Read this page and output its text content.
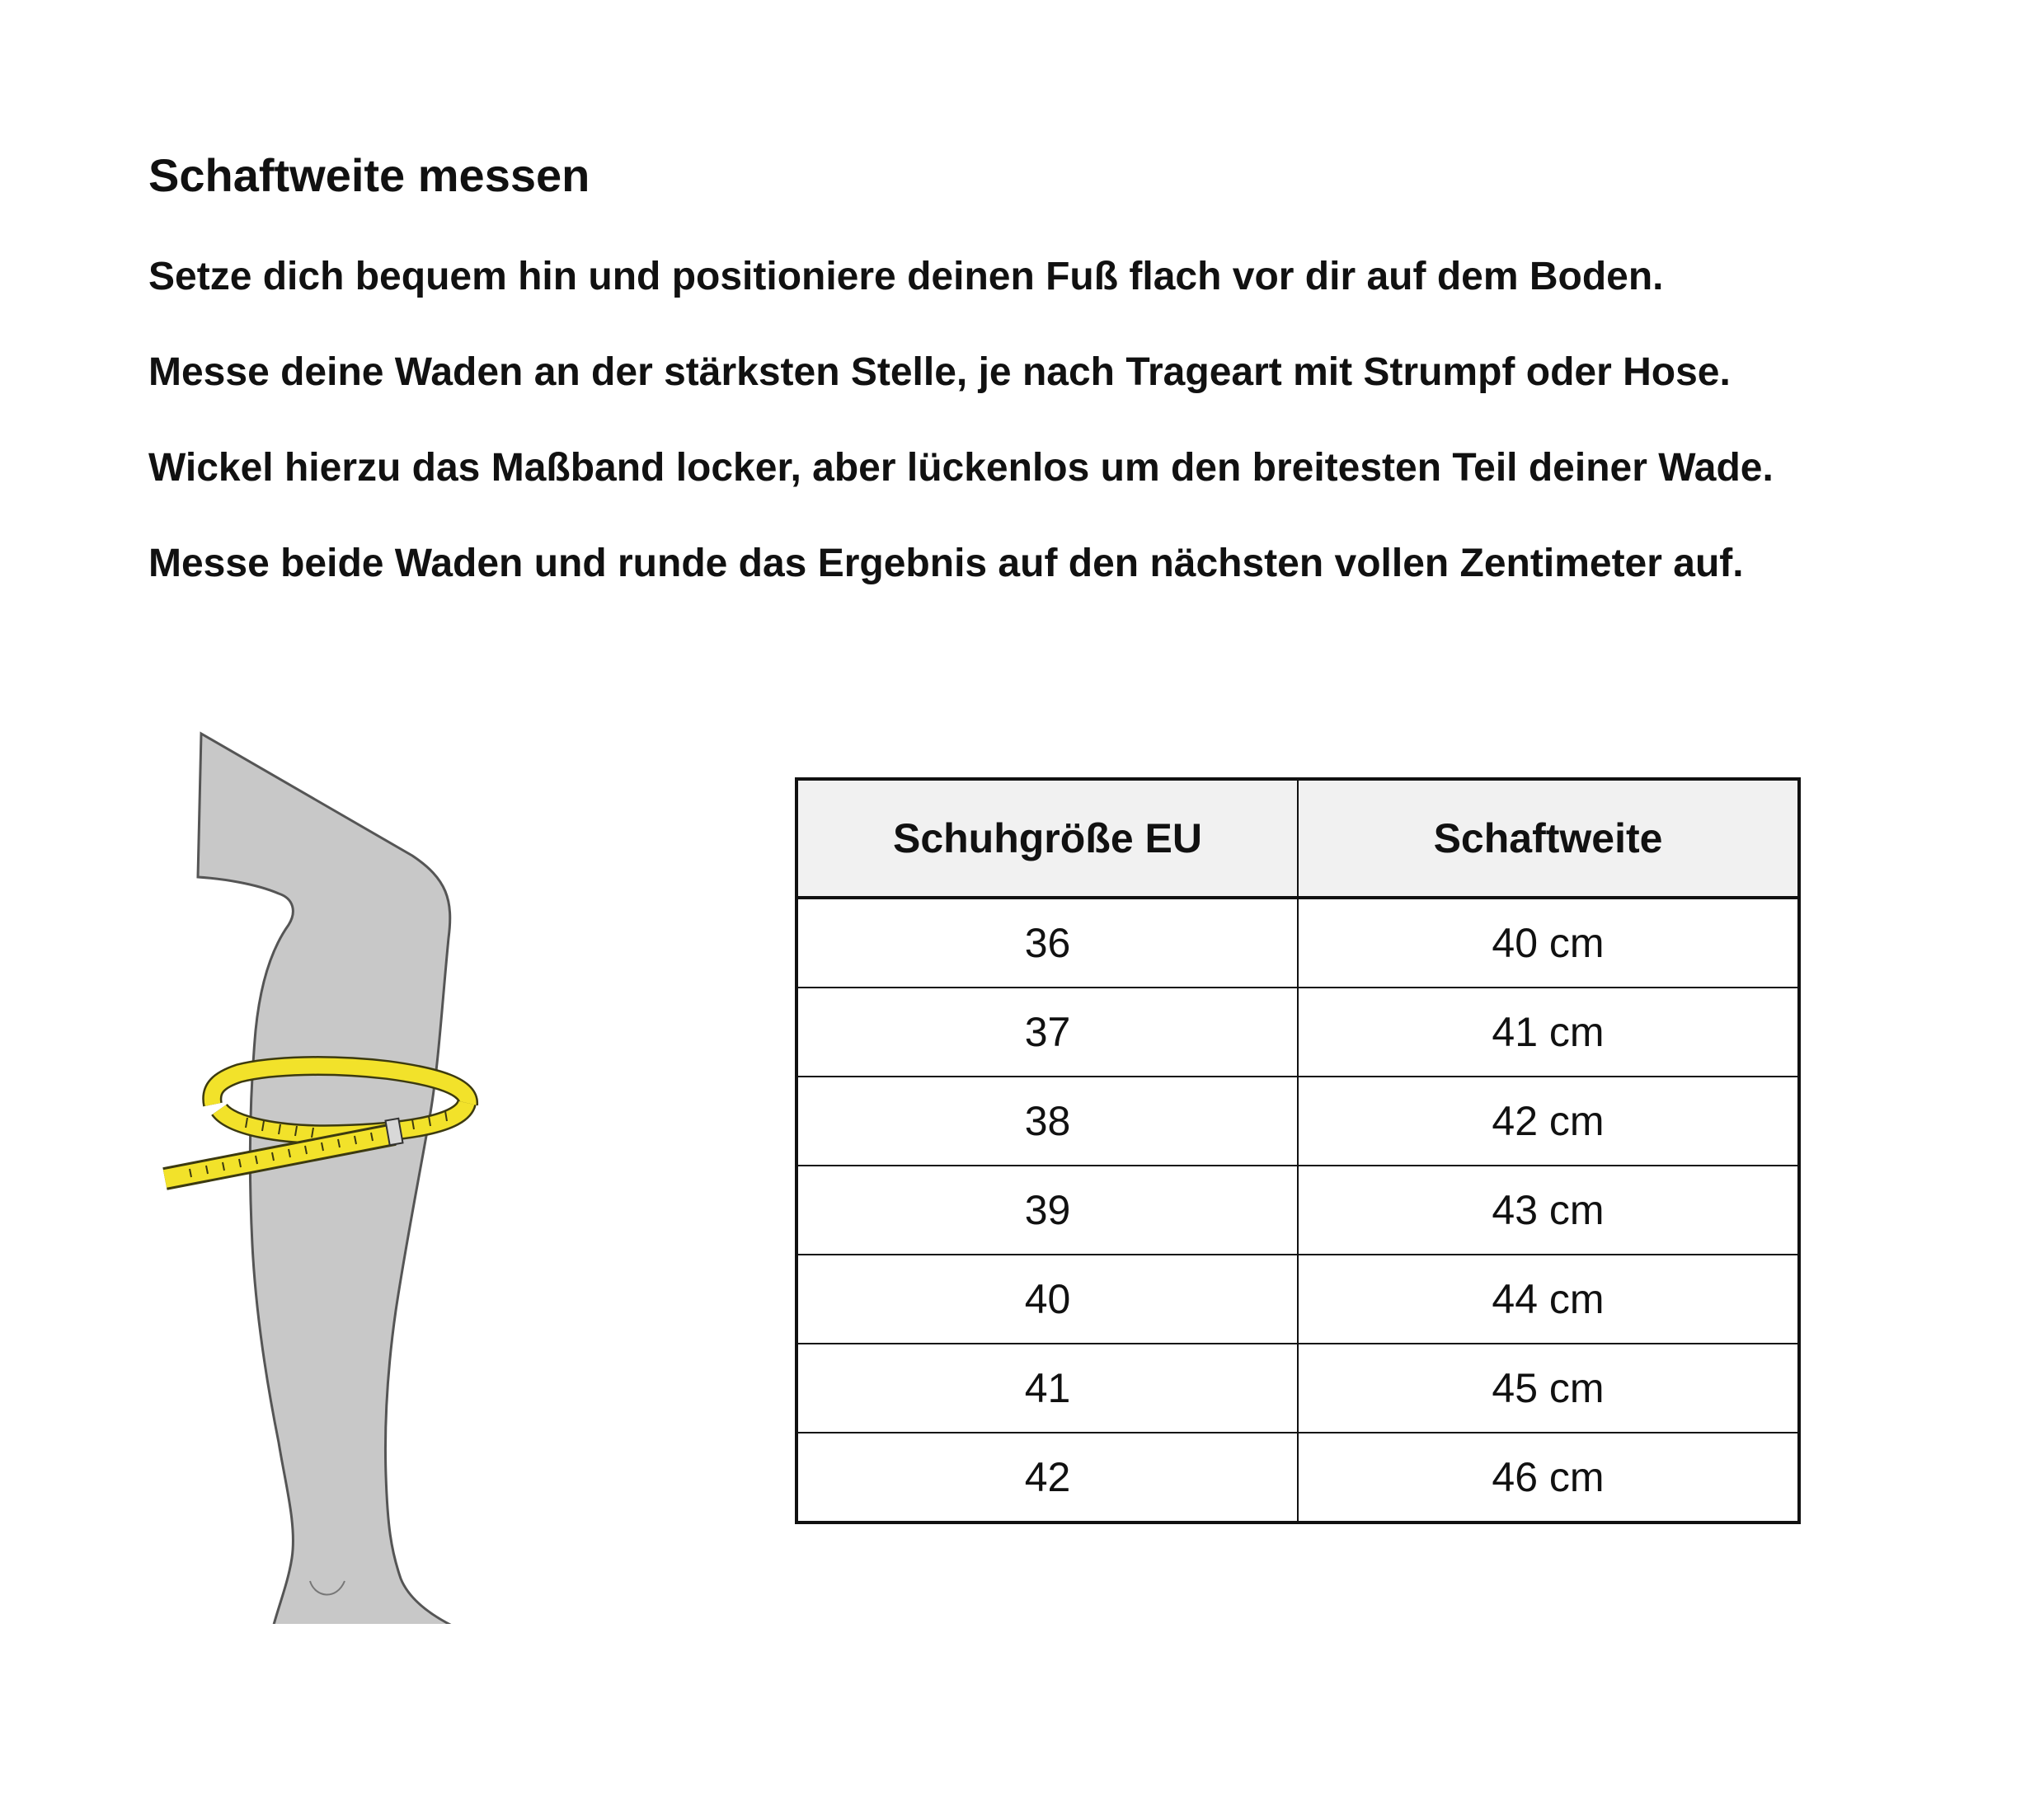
Schaftweite messen

Setze dich bequem hin und positioniere deinen Fuß flach vor dir auf dem Boden.

Messe deine Waden an der stärksten Stelle, je nach Trageart mit Strumpf oder Hose.

Wickel hierzu das Maßband locker, aber lückenlos um den breitesten Teil deiner Wade.

Messe beide Waden und runde das Ergebnis auf den nächsten vollen Zentimeter auf.

Schuhgröße EU	Schaftweite
36	40 cm
37	41 cm
38	42 cm
39	43 cm
40	44 cm
41	45 cm
42	46 cm
